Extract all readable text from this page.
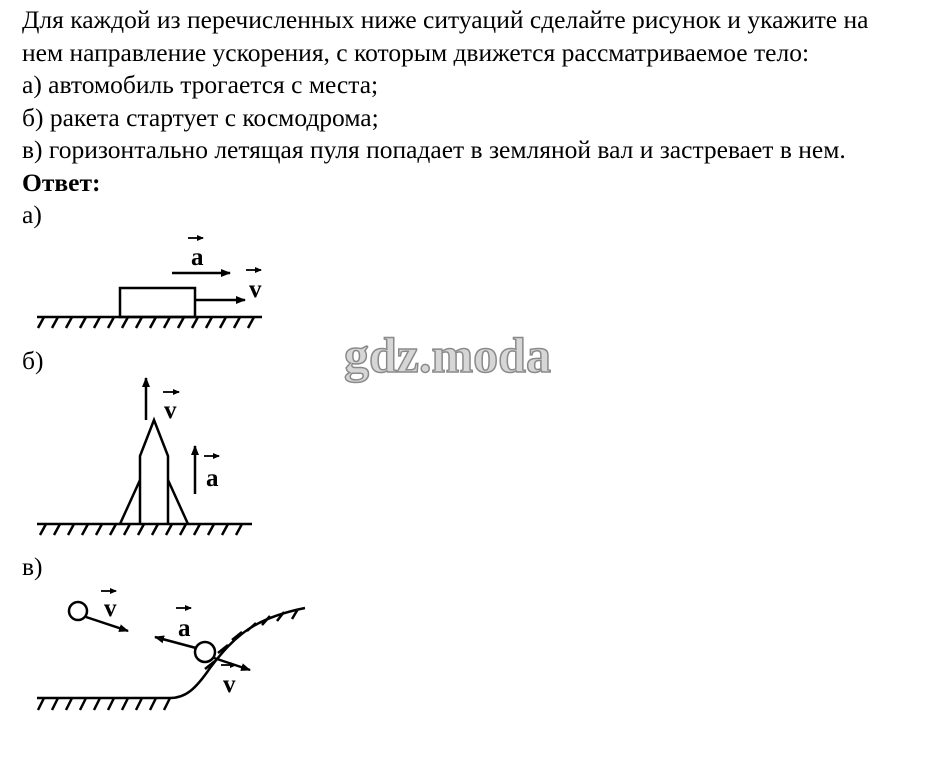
Для каждой из перечисленных ниже ситуаций сделайте рисунок и укажите на
нем направление ускорения, с которым движется рассматриваемое тело:
а) автомобиль трогается с места;
б) ракета стартует с космодрома;
в) горизонтально летящая пуля попадает в земляной вал и застревает в нем.
Ответ:
а)
a
v
v
a
v
a
v
б)
в)
gdz.moda
